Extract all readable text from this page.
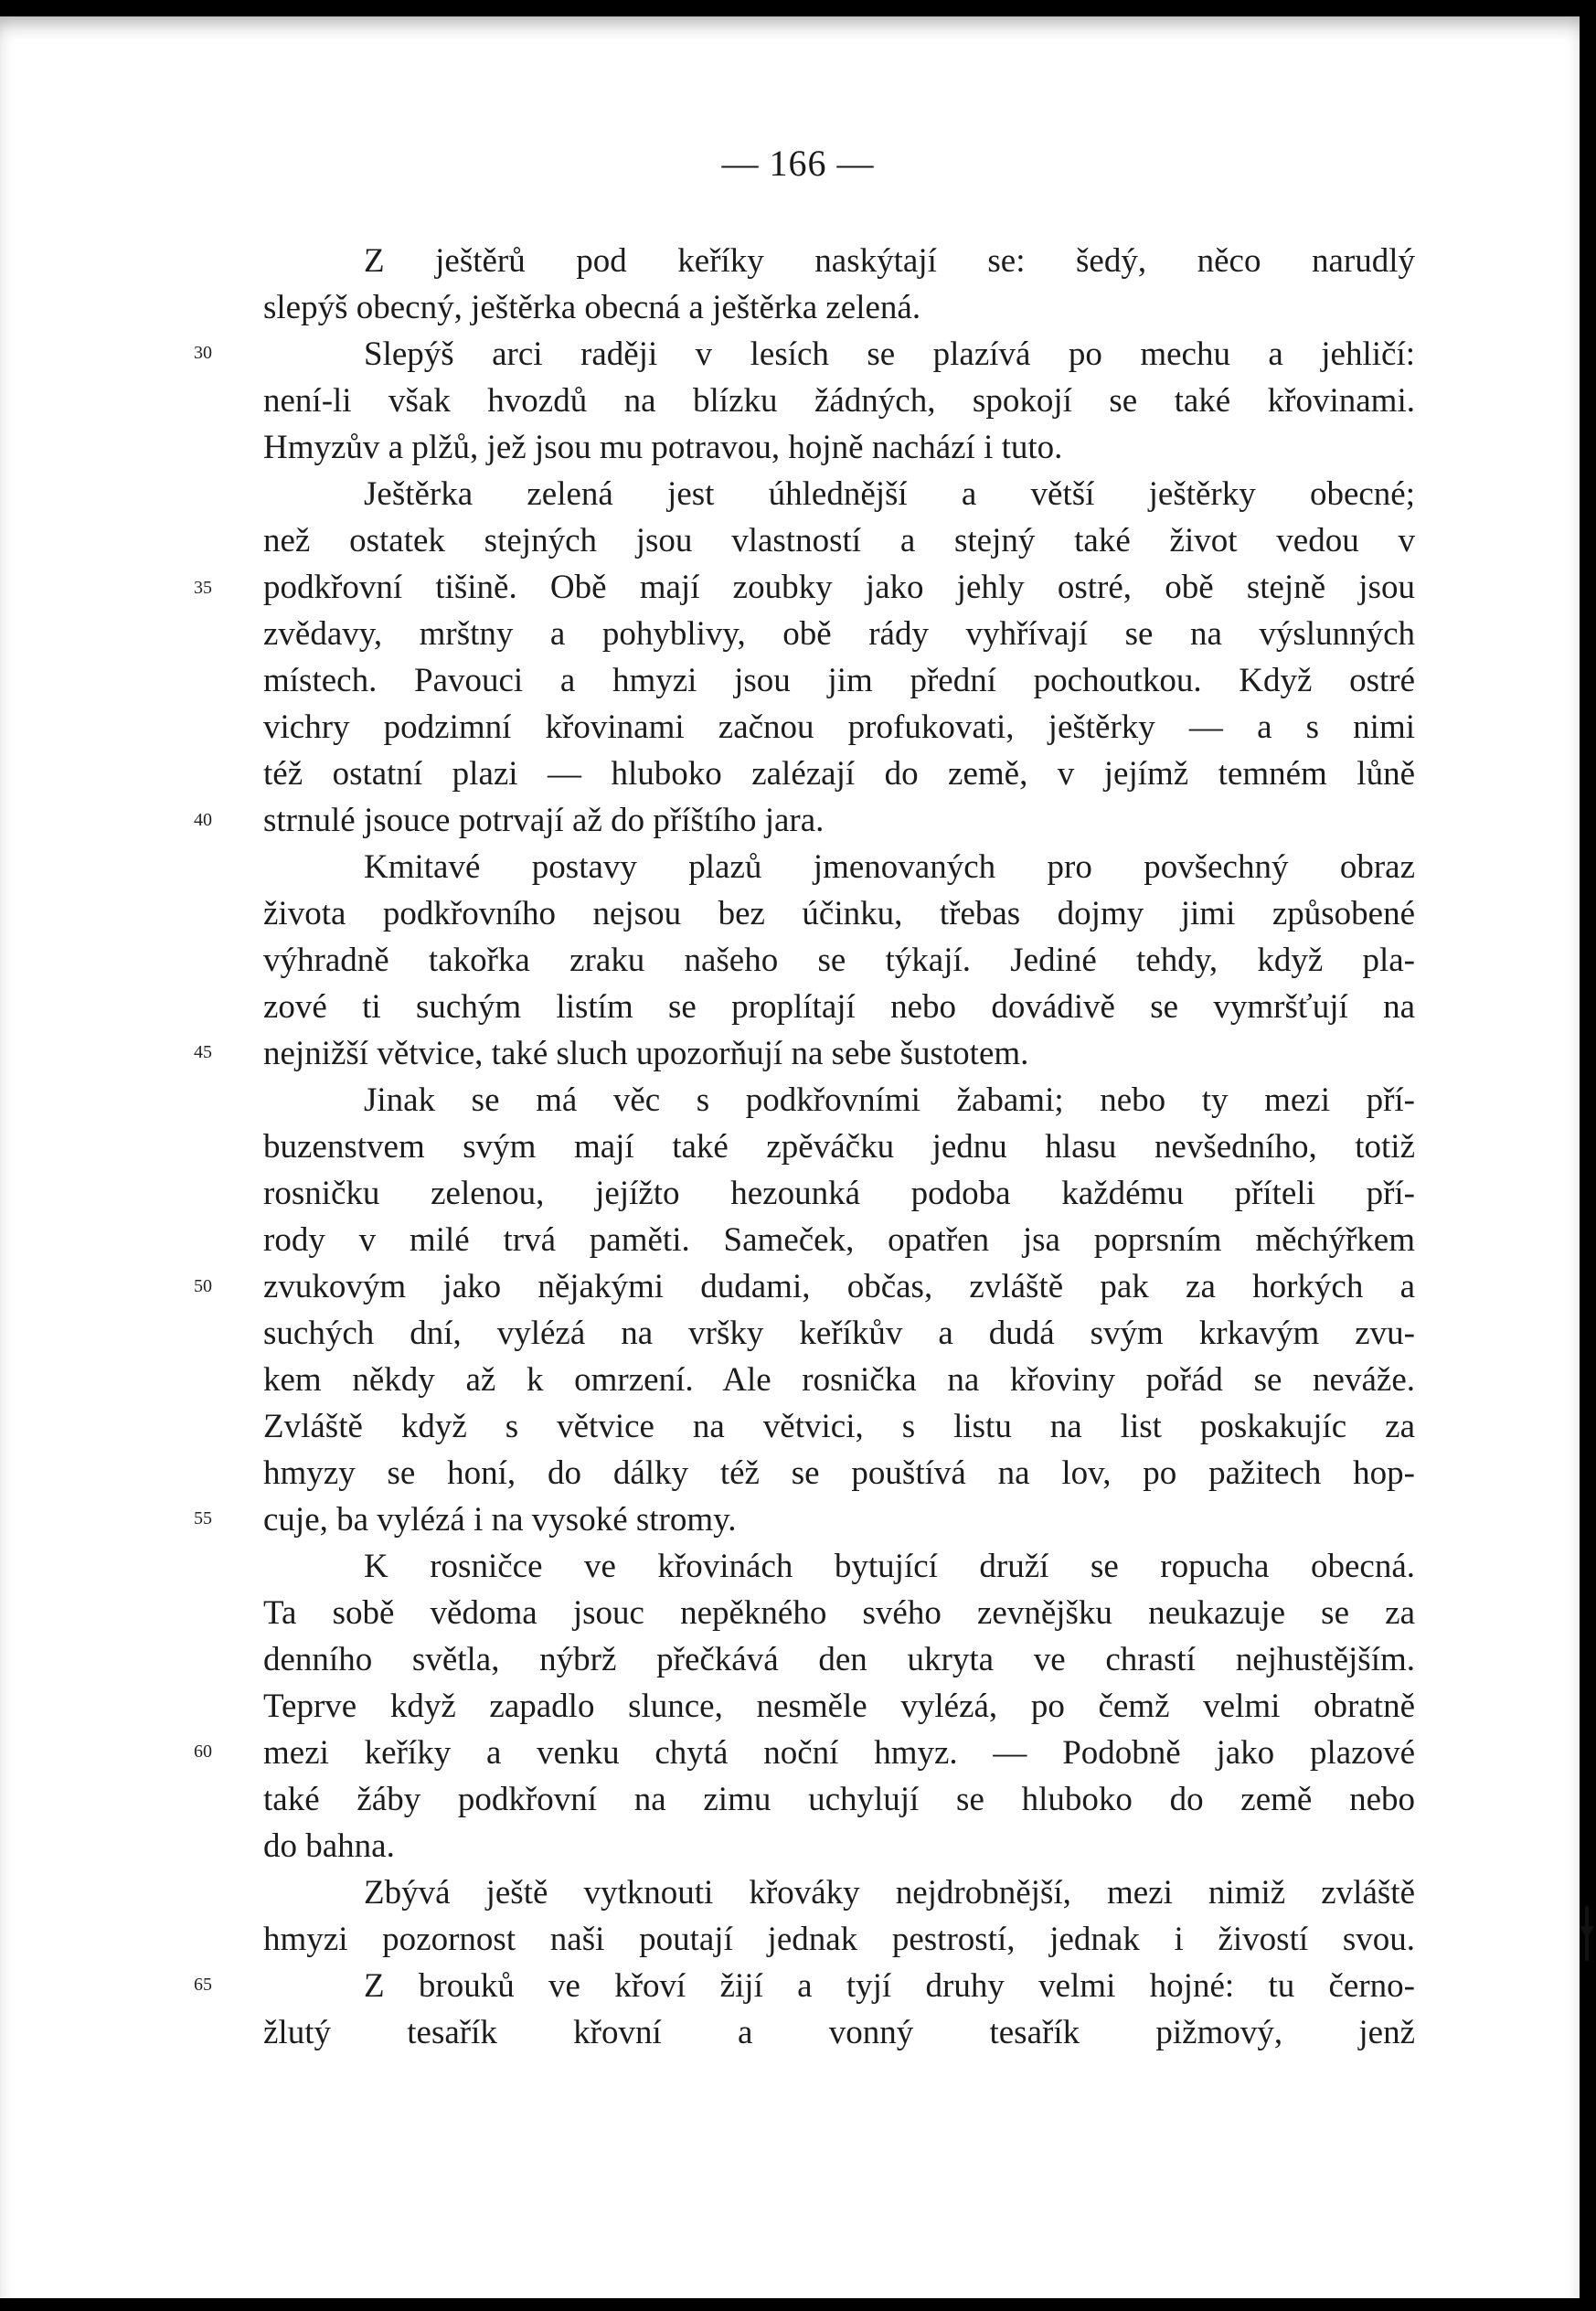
— 166 —
30
35
40
45
50
55
60
65
Z ještěrů pod keříky naskýtají se: šedý, něco narudlý
slepýš obecný, ještěrka obecná a ještěrka zelená.
Slepýš arci raději v lesích se plazívá po mechu a jehličí:
není-li však hvozdů na blízku žádných, spokojí se také křovinami.
Hmyzův a plžů, jež jsou mu potravou, hojně nachází i tuto.
Ještěrka zelená jest úhlednější a větší ještěrky obecné;
než ostatek stejných jsou vlastností a stejný také život vedou v
podkřovní tišině. Obě mají zoubky jako jehly ostré, obě stejně jsou
zvědavy, mrštny a pohyblivy, obě rády vyhřívají se na výslunných
místech. Pavouci a hmyzi jsou jim přední pochoutkou. Když ostré
vichry podzimní křovinami začnou profukovati, ještěrky — a s nimi
též ostatní plazi — hluboko zalézají do země, v jejímž temném lůně
strnulé jsouce potrvají až do příštího jara.
Kmitavé postavy plazů jmenovaných pro povšechný obraz
života podkřovního nejsou bez účinku, třebas dojmy jimi způsobené
výhradně takořka zraku našeho se týkají. Jediné tehdy, když pla-
zové ti suchým listím se proplítají nebo dovádivě se vymršťují na
nejnižší větvice, také sluch upozorňují na sebe šustotem.
Jinak se má věc s podkřovními žabami; nebo ty mezi pří-
buzenstvem svým mají také zpěváčku jednu hlasu nevšedního, totiž
rosničku zelenou, jejížto hezounká podoba každému příteli pří-
rody v milé trvá paměti. Sameček, opatřen jsa poprsním měchýřkem
zvukovým jako nějakými dudami, občas, zvláště pak za horkých a
suchých dní, vylézá na vršky keříkův a dudá svým krkavým zvu-
kem někdy až k omrzení. Ale rosnička na křoviny pořád se neváže.
Zvláště když s větvice na větvici, s listu na list poskakujíc za
hmyzy se honí, do dálky též se pouštívá na lov, po pažitech hop-
cuje, ba vylézá i na vysoké stromy.
K rosničce ve křovinách bytující druží se ropucha obecná.
Ta sobě vědoma jsouc nepěkného svého zevnějšku neukazuje se za
denního světla, nýbrž přečkává den ukryta ve chrastí nejhustějším.
Teprve když zapadlo slunce, nesměle vylézá, po čemž velmi obratně
mezi keříky a venku chytá noční hmyz. — Podobně jako plazové
také žáby podkřovní na zimu uchylují se hluboko do země nebo
do bahna.
Zbývá ještě vytknouti křováky nejdrobnější, mezi nimiž zvláště
hmyzi pozornost naši poutají jednak pestrostí, jednak i živostí svou.
Z brouků ve křoví žijí a tyjí druhy velmi hojné: tu černo-
žlutý tesařík křovní a vonný tesařík pižmový, jenž
